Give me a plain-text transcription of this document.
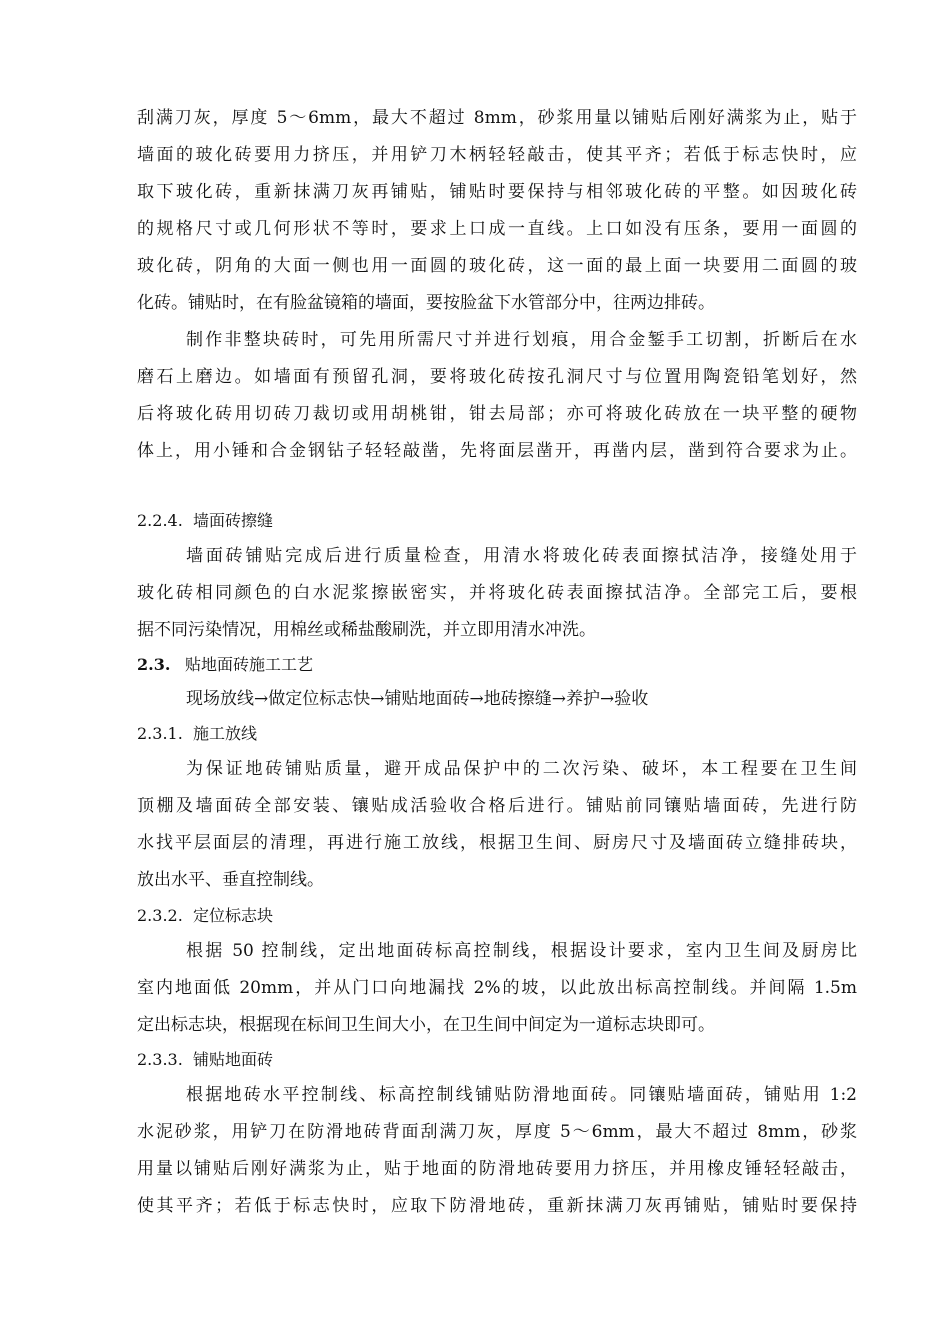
刮满刀灰，厚度 5～6mm，最大不超过 8mm，砂浆用量以铺贴后刚好满浆为止，贴于
墙面的玻化砖要用力挤压，并用铲刀木柄轻轻敲击，使其平齐；若低于标志快时，应
取下玻化砖，重新抹满刀灰再铺贴，铺贴时要保持与相邻玻化砖的平整。如因玻化砖
的规格尺寸或几何形状不等时，要求上口成一直线。上口如没有压条，要用一面圆的
玻化砖，阴角的大面一侧也用一面圆的玻化砖，这一面的最上面一块要用二面圆的玻
化砖。铺贴时，在有脸盆镜箱的墙面，要按脸盆下水管部分中，往两边排砖。
制作非整块砖时，可先用所需尺寸并进行划痕，用合金錾手工切割，折断后在水
磨石上磨边。如墙面有预留孔洞，要将玻化砖按孔洞尺寸与位置用陶瓷铅笔划好，然
后将玻化砖用切砖刀裁切或用胡桃钳，钳去局部；亦可将玻化砖放在一块平整的硬物
体上，用小锤和合金钢钻子轻轻敲凿，先将面层凿开，再凿内层，凿到符合要求为止。
2.2.4. 墙面砖擦缝
墙面砖铺贴完成后进行质量检查，用清水将玻化砖表面擦拭洁净，接缝处用于
玻化砖相同颜色的白水泥浆擦嵌密实，并将玻化砖表面擦拭洁净。全部完工后，要根
据不同污染情况，用棉丝或稀盐酸刷洗，并立即用清水冲洗。
2.3. 贴地面砖施工工艺
现场放线→做定位标志快→铺贴地面砖→地砖擦缝→养护→验收
2.3.1. 施工放线
为保证地砖铺贴质量，避开成品保护中的二次污染、破坏，本工程要在卫生间
顶棚及墙面砖全部安装、镶贴成活验收合格后进行。铺贴前同镶贴墙面砖，先进行防
水找平层面层的清理，再进行施工放线，根据卫生间、厨房尺寸及墙面砖立缝排砖块，
放出水平、垂直控制线。
2.3.2. 定位标志块
根据 50 控制线，定出地面砖标高控制线，根据设计要求，室内卫生间及厨房比
室内地面低 20mm，并从门口向地漏找 2%的坡，以此放出标高控制线。并间隔 1.5m
定出标志块，根据现在标间卫生间大小，在卫生间中间定为一道标志块即可。
2.3.3. 铺贴地面砖
根据地砖水平控制线、标高控制线铺贴防滑地面砖。同镶贴墙面砖，铺贴用 1:2
水泥砂浆，用铲刀在防滑地砖背面刮满刀灰，厚度 5～6mm，最大不超过 8mm，砂浆
用量以铺贴后刚好满浆为止，贴于地面的防滑地砖要用力挤压，并用橡皮锤轻轻敲击，
使其平齐；若低于标志快时，应取下防滑地砖，重新抹满刀灰再铺贴，铺贴时要保持
